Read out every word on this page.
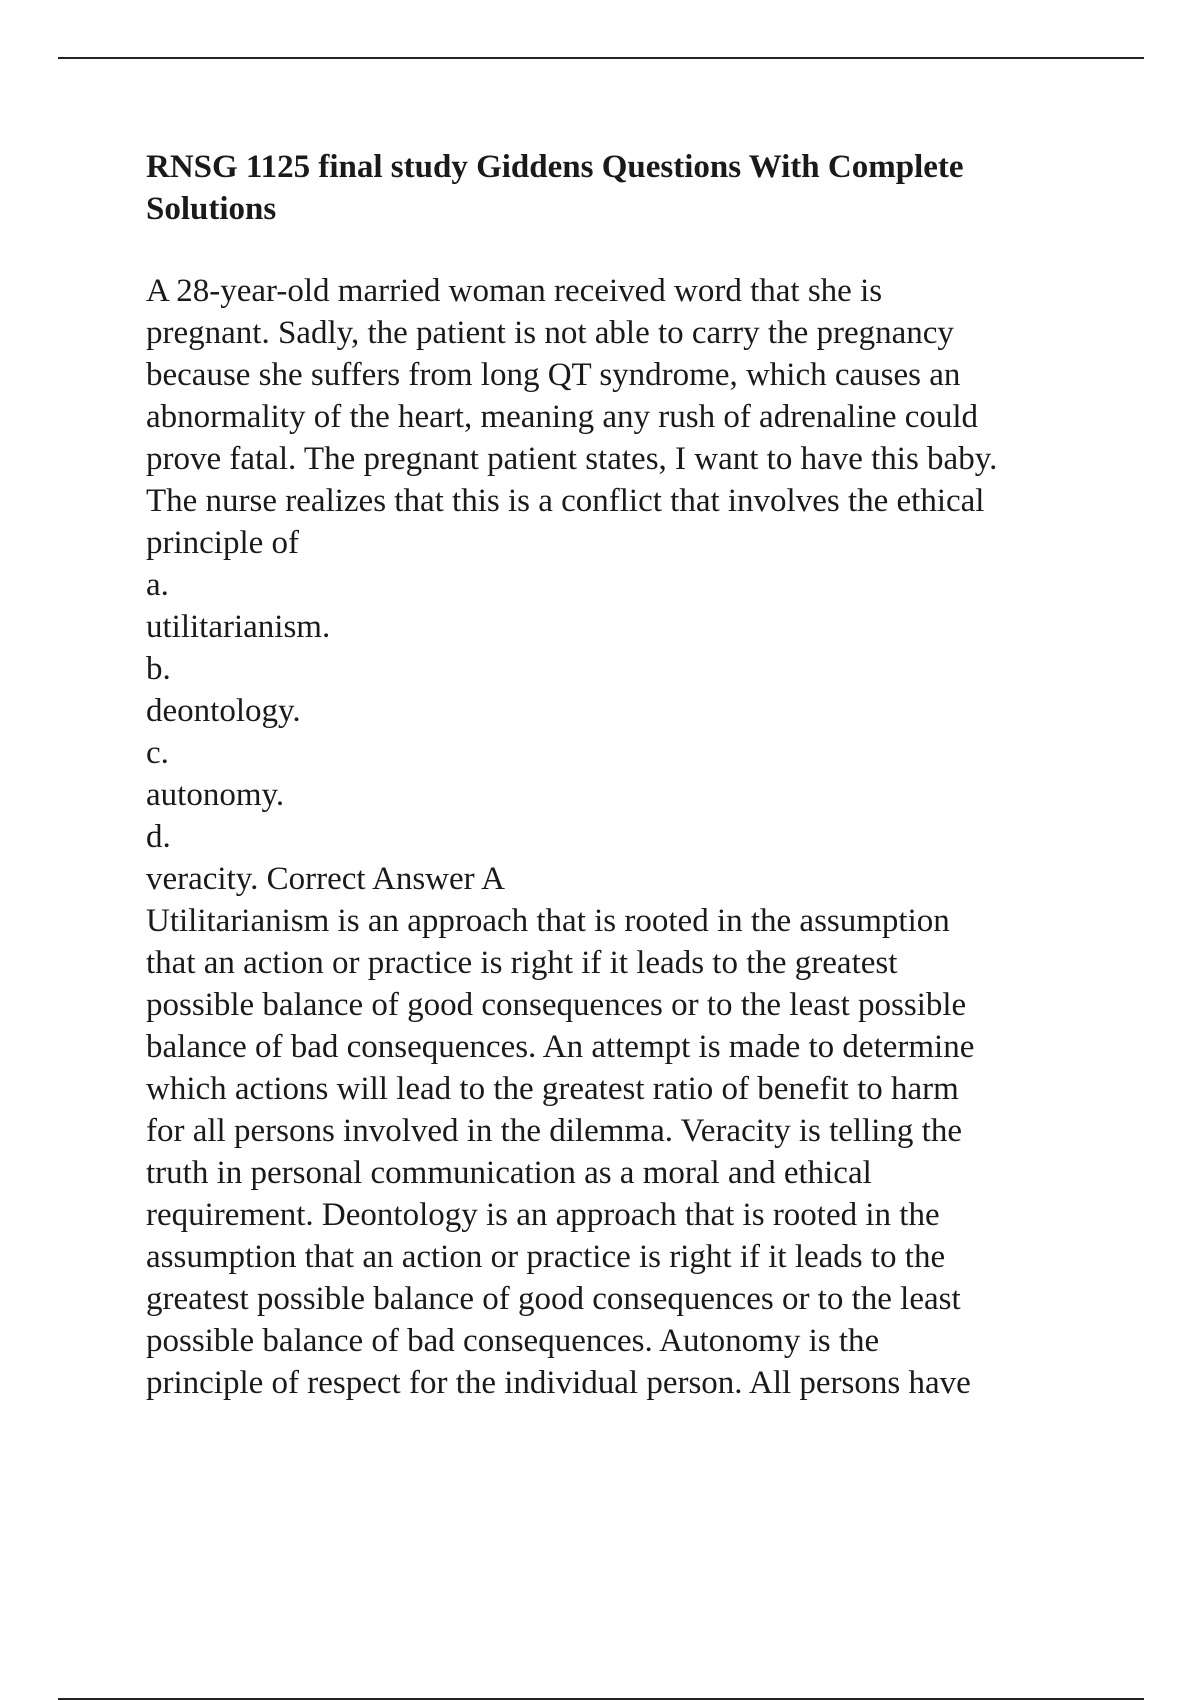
RNSG 1125 final study Giddens Questions With Complete
Solutions
A 28-year-old married woman received word that she is
pregnant. Sadly, the patient is not able to carry the pregnancy
because she suffers from long QT syndrome, which causes an
abnormality of the heart, meaning any rush of adrenaline could
prove fatal. The pregnant patient states, I want to have this baby.
The nurse realizes that this is a conflict that involves the ethical
principle of
a.
utilitarianism.
b.
deontology.
c.
autonomy.
d.
veracity. Correct Answer A
Utilitarianism is an approach that is rooted in the assumption
that an action or practice is right if it leads to the greatest
possible balance of good consequences or to the least possible
balance of bad consequences. An attempt is made to determine
which actions will lead to the greatest ratio of benefit to harm
for all persons involved in the dilemma. Veracity is telling the
truth in personal communication as a moral and ethical
requirement. Deontology is an approach that is rooted in the
assumption that an action or practice is right if it leads to the
greatest possible balance of good consequences or to the least
possible balance of bad consequences. Autonomy is the
principle of respect for the individual person. All persons have
